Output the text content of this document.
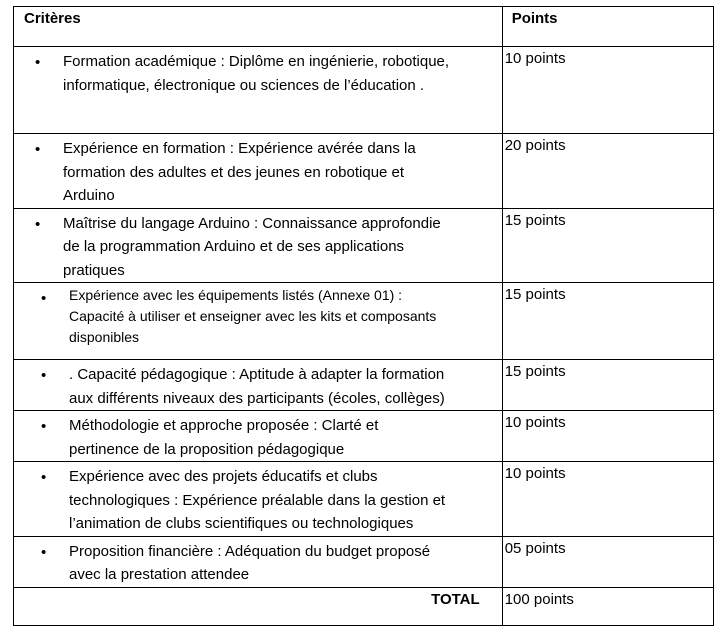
Critères	Points

• Formation académique : Diplôme en ingénierie, robotique,
informatique, électronique ou sciences de l’éducation .	10 points

• Expérience en formation : Expérience avérée dans la
formation des adultes et des jeunes en robotique et
Arduino	20 points

• Maîtrise du langage Arduino : Connaissance approfondie
de la programmation Arduino et de ses applications
pratiques	15 points

• Expérience avec les équipements listés (Annexe 01) :
Capacité à utiliser et enseigner avec les kits et composants
disponibles	15 points

• . Capacité pédagogique : Aptitude à adapter la formation
aux différents niveaux des participants (écoles, collèges)	15 points

• Méthodologie et approche proposée : Clarté et
pertinence de la proposition pédagogique	10 points

• Expérience avec des projets éducatifs et clubs
technologiques : Expérience préalable dans la gestion et
l’animation de clubs scientifiques ou technologiques	10 points

• Proposition financière : Adéquation du budget proposé
avec la prestation attendee	05 points
TOTAL	100 points
